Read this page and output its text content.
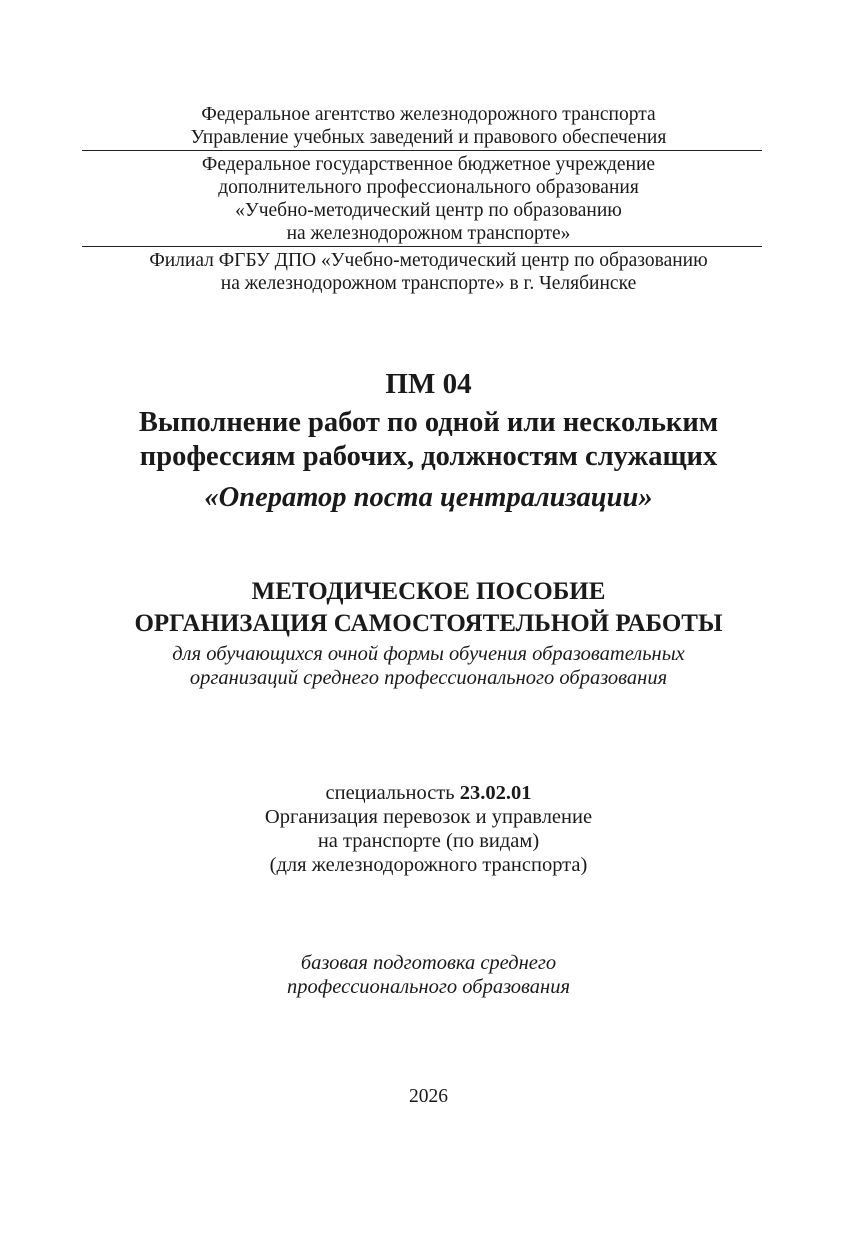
Федеральное агентство железнодорожного транспорта
Управление учебных заведений и правового обеспечения
Федеральное государственное бюджетное учреждение
дополнительного профессионального образования
«Учебно-методический центр по образованию
на железнодорожном транспорте»
Филиал ФГБУ ДПО «Учебно-методический центр по образованию
на железнодорожном транспорте» в г. Челябинске
ПМ 04
Выполнение работ по одной или нескольким
профессиям рабочих, должностям служащих
«Оператор поста централизации»
МЕТОДИЧЕСКОЕ ПОСОБИЕ
ОРГАНИЗАЦИЯ САМОСТОЯТЕЛЬНОЙ РАБОТЫ
для обучающихся очной формы обучения образовательных
организаций среднего профессионального образования
специальность 23.02.01
Организация перевозок и управление
на транспорте (по видам)
(для железнодорожного транспорта)
базовая подготовка среднего
профессионального образования
2026
